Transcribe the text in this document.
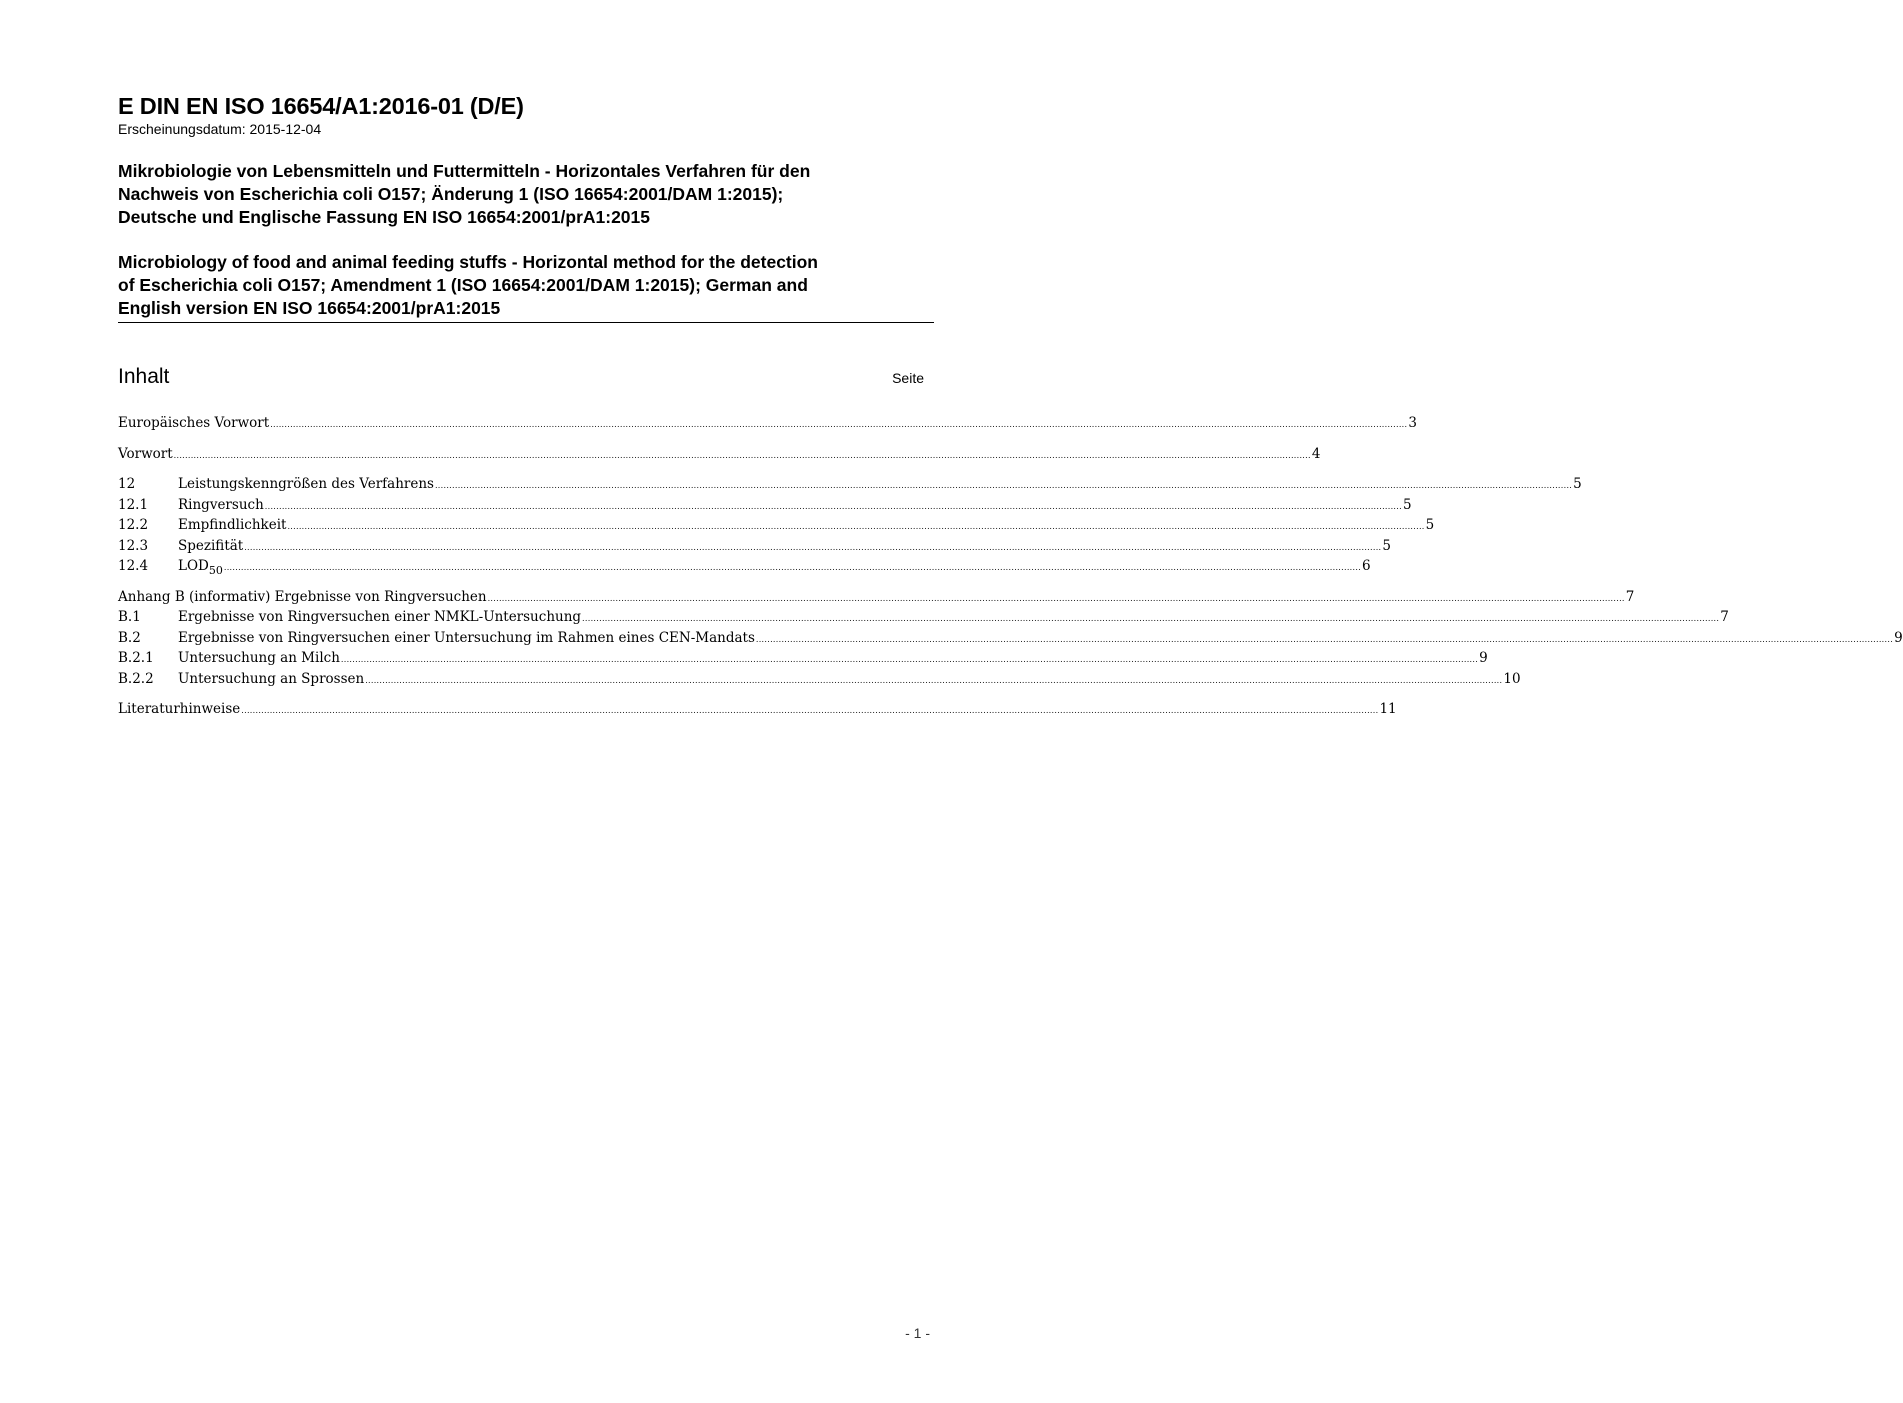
E DIN EN ISO 16654/A1:2016-01 (D/E)

Erscheinungsdatum: 2015-12-04

Mikrobiologie von Lebensmitteln und Futtermitteln - Horizontales Verfahren für den
Nachweis von Escherichia coli O157; Änderung 1 (ISO 16654:2001/DAM 1:2015);
Deutsche und Englische Fassung EN ISO 16654:2001/prA1:2015
Microbiology of food and animal feeding stuffs - Horizontal method for the detection
of Escherichia coli O157; Amendment 1 (ISO 16654:2001/DAM 1:2015); German and
English version EN ISO 16654:2001/prA1:2015
Inhalt	Seite
Europäisches Vorwort ................................................................................................................................................................................................................................................................................................................................................................................................................ 3
Vorwort ................................................................................................................................................................................................................................................................................................................................................................................................................ 4
12	Leistungskenngrößen des Verfahrens ................................................................................................................................................................................................................................................................................................................................................................................................................ 5
12.1 Ringversuch ................................................................................................................................................................................................................................................................................................................................................................................................................ 5
12.2 Empfindlichkeit ................................................................................................................................................................................................................................................................................................................................................................................................................ 5
12.3 Spezifität ................................................................................................................................................................................................................................................................................................................................................................................................................ 5
12.4 $LOD_{50}$ ................................................................................................................................................................................................................................................................................................................................................................................................................ 6
Anhang B (informativ) Ergebnisse von Ringversuchen ................................................................................................................................................................................................................................................................................................................................................................................................................ 7
B.1	Ergebnisse von Ringversuchen einer NMKL-Untersuchung ................................................................................................................................................................................................................................................................................................................................................................................................................ 7
B.2	Ergebnisse von Ringversuchen einer Untersuchung im Rahmen eines CEN-Mandats ................................................................................................................................................................................................................................................................................................................................................................................................................ 9
B.2.1 Untersuchung an Milch ................................................................................................................................................................................................................................................................................................................................................................................................................ 9
B.2.2 Untersuchung an Sprossen ................................................................................................................................................................................................................................................................................................................................................................................................................ 10
Literaturhinweise ................................................................................................................................................................................................................................................................................................................................................................................................................ 11
- 1 -
